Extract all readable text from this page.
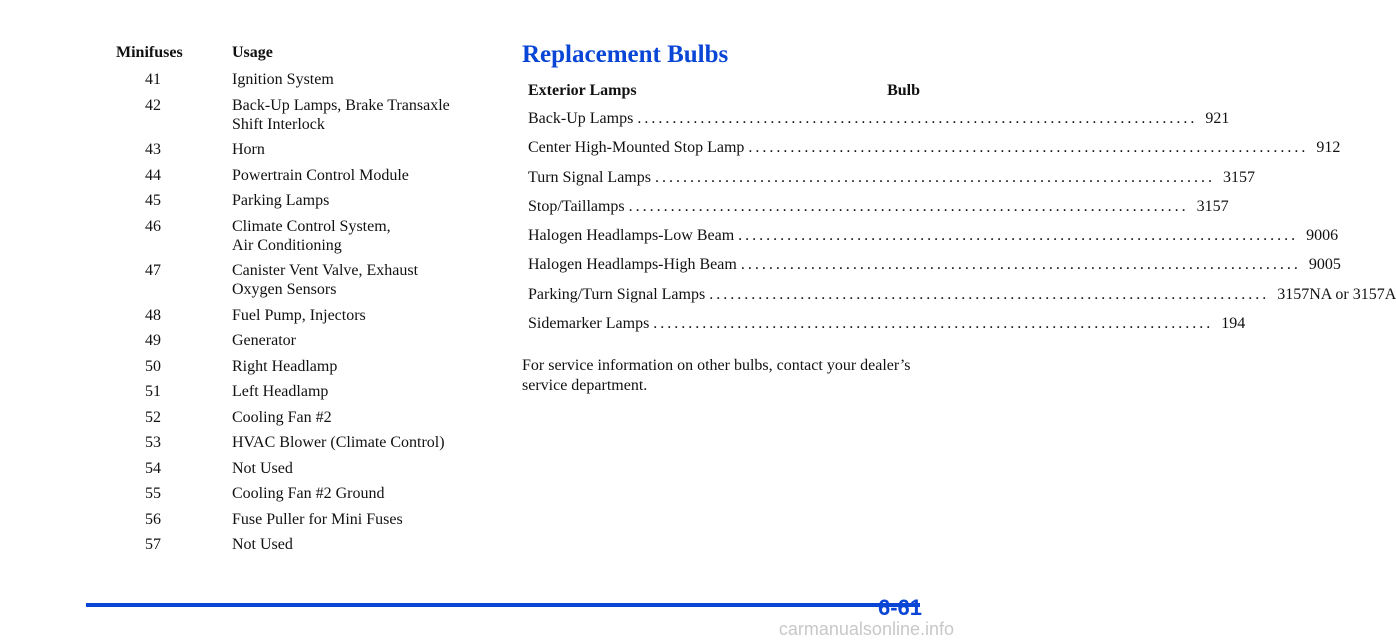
Minifuses	Usage
41	Ignition System
42	Back-Up Lamps, Brake Transaxle
Shift Interlock
43	Horn
44	Powertrain Control Module
45	Parking Lamps
46	Climate Control System,
Air Conditioning
47	Canister Vent Valve, Exhaust
Oxygen Sensors
48	Fuel Pump, Injectors
49	Generator
50	Right Headlamp
51	Left Headlamp
52	Cooling Fan #2
53	HVAC Blower (Climate Control)
54	Not Used
55	Cooling Fan #2 Ground
56	Fuse Puller for Mini Fuses
57	Not Used
Replacement Bulbs
Exterior Lamps	Bulb
Back-Up Lamps ................................................................................ 921
Center High-Mounted Stop Lamp ................................................................................ 912
Turn Signal Lamps ................................................................................ 3157
Stop/Taillamps ................................................................................ 3157
Halogen Headlamps-Low Beam ................................................................................ 9006
Halogen Headlamps-High Beam ................................................................................ 9005
Parking/Turn Signal Lamps ................................................................................ 3157NA or 3157A
Sidemarker Lamps ................................................................................ 194

For service information on other bulbs, contact your dealer’s service department.

6-61
carmanualsonline.info
